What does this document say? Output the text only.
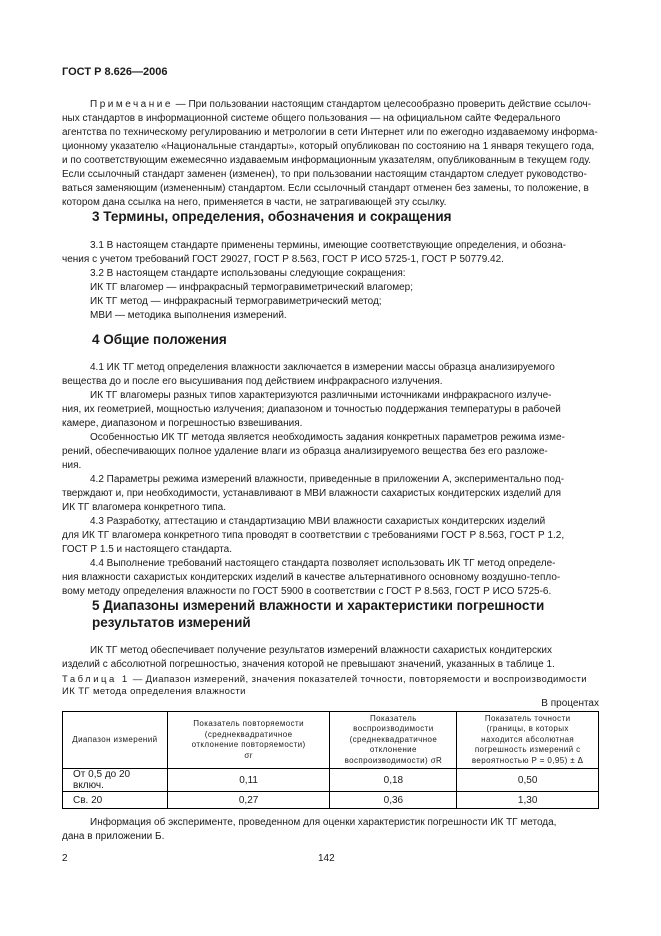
ГОСТ Р 8.626—2006
Примечание — При пользовании настоящим стандартом целесообразно проверить действие ссылоч-
ных стандартов в информационной системе общего пользования — на официальном сайте Федерального
агентства по техническому регулированию и метрологии в сети Интернет или по ежегодно издаваемому информа-
ционному указателю «Национальные стандарты», который опубликован по состоянию на 1 января текущего года,
и по соответствующим ежемесячно издаваемым информационным указателям, опубликованным в текущем году.
Если ссылочный стандарт заменен (изменен), то при пользовании настоящим стандартом следует руководство-
ваться заменяющим (измененным) стандартом. Если ссылочный стандарт отменен без замены, то положение, в
котором дана ссылка на него, применяется в части, не затрагивающей эту ссылку.
3 Термины, определения, обозначения и сокращения
3.1 В настоящем стандарте применены термины, имеющие соответствующие определения, и обозна-
чения с учетом требований ГОСТ 29027, ГОСТ Р 8.563, ГОСТ Р ИСО 5725-1, ГОСТ Р 50779.42.
3.2 В настоящем стандарте использованы следующие сокращения:
ИК ТГ влагомер — инфракрасный термогравиметрический влагомер;
ИК ТГ метод — инфракрасный термогравиметрический метод;
МВИ — методика выполнения измерений.
4 Общие положения
4.1 ИК ТГ метод определения влажности заключается в измерении массы образца анализируемого
вещества до и после его высушивания под действием инфракрасного излучения.
ИК ТГ влагомеры разных типов характеризуются различными источниками инфракрасного излуче-
ния, их геометрией, мощностью излучения; диапазоном и точностью поддержания температуры в рабочей
камере, диапазоном и погрешностью взвешивания.
Особенностью ИК ТГ метода является необходимость задания конкретных параметров режима изме-
рений, обеспечивающих полное удаление влаги из образца анализируемого вещества без его разложе-
ния.
4.2 Параметры режима измерений влажности, приведенные в приложении А, экспериментально под-
тверждают и, при необходимости, устанавливают в МВИ влажности сахаристых кондитерских изделий для
ИК ТГ влагомера конкретного типа.
4.3 Разработку, аттестацию и стандартизацию МВИ влажности сахаристых кондитерских изделий
для ИК ТГ влагомера конкретного типа проводят в соответствии с требованиями ГОСТ Р 8.563, ГОСТ Р 1.2,
ГОСТ Р 1.5 и настоящего стандарта.
4.4 Выполнение требований настоящего стандарта позволяет использовать ИК ТГ метод определе-
ния влажности сахаристых кондитерских изделий в качестве альтернативного основному воздушно-тепло-
вому методу определения влажности по ГОСТ 5900 в соответствии с ГОСТ Р 8.563, ГОСТ Р ИСО 5725-6.
5 Диапазоны измерений влажности и характеристики погрешности
результатов измерений
ИК ТГ метод обеспечивает получение результатов измерений влажности сахаристых кондитерских
изделий с абсолютной погрешностью, значения которой не превышают значений, указанных в таблице 1.
Таблица 1 — Диапазон измерений, значения показателей точности, повторяемости и воспроизводимости
ИК ТГ метода определения влажности
В процентах
Диапазон измерений	Показатель повторяемости
(среднеквадратичное
отклонение повторяемости)
σr	Показатель
воспроизводимости
(среднеквадратичное
отклонение
воспроизводимости) σR	Показатель точности
(границы, в которых
находится абсолютная
погрешность измерений с
вероятностью P = 0,95) ± Δ

От 0,5 до 20 включ.	0,11	0,18	0,50
Св. 20	0,27	0,36	1,30
Информация об эксперименте, проведенном для оценки характеристик погрешности ИК ТГ метода,
дана в приложении Б.
2	142
